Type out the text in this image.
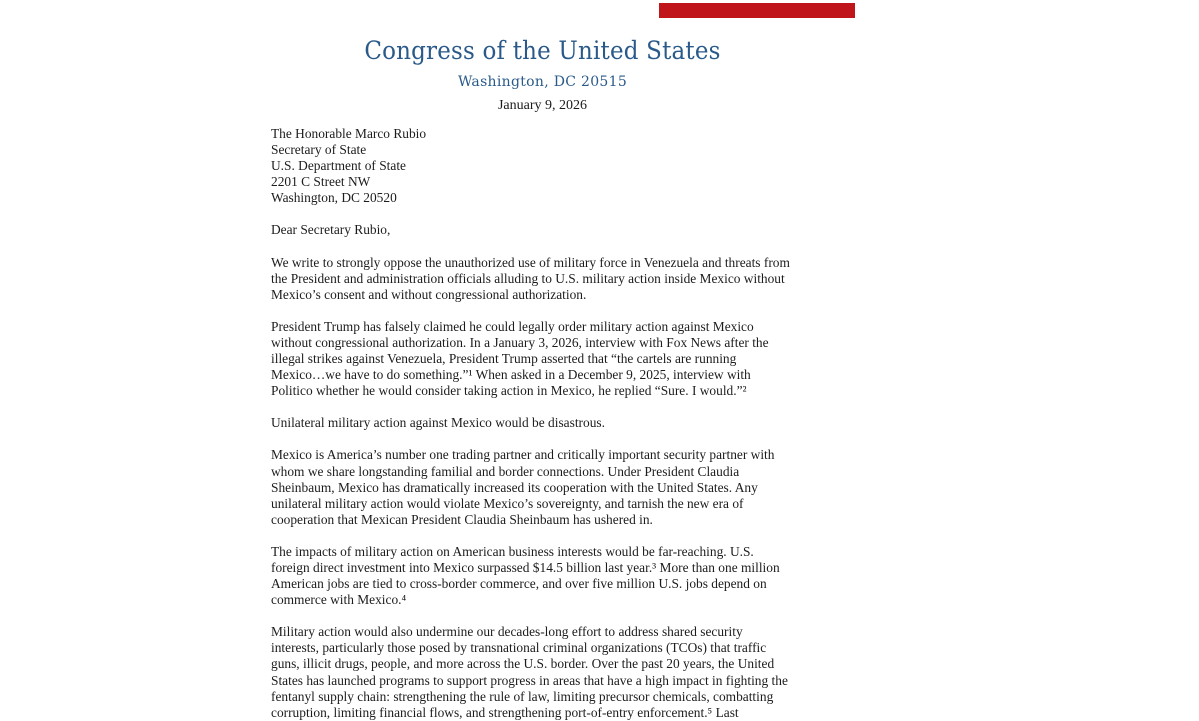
Congress of the United States
Washington, DC 20515
January 9, 2026
The Honorable Marco Rubio
Secretary of State
U.S. Department of State
2201 C Street NW
Washington, DC 20520
Dear Secretary Rubio,
We write to strongly oppose the unauthorized use of military force in Venezuela and threats from
the President and administration officials alluding to U.S. military action inside Mexico without
Mexico’s consent and without congressional authorization.
President Trump has falsely claimed he could legally order military action against Mexico
without congressional authorization. In a January 3, 2026, interview with Fox News after the
illegal strikes against Venezuela, President Trump asserted that “the cartels are running
Mexico…we have to do something.”¹ When asked in a December 9, 2025, interview with
Politico whether he would consider taking action in Mexico, he replied “Sure. I would.”²
Unilateral military action against Mexico would be disastrous.
Mexico is America’s number one trading partner and critically important security partner with
whom we share longstanding familial and border connections. Under President Claudia
Sheinbaum, Mexico has dramatically increased its cooperation with the United States. Any
unilateral military action would violate Mexico’s sovereignty, and tarnish the new era of
cooperation that Mexican President Claudia Sheinbaum has ushered in.
The impacts of military action on American business interests would be far-reaching. U.S.
foreign direct investment into Mexico surpassed $14.5 billion last year.³ More than one million
American jobs are tied to cross-border commerce, and over five million U.S. jobs depend on
commerce with Mexico.⁴
Military action would also undermine our decades-long effort to address shared security
interests, particularly those posed by transnational criminal organizations (TCOs) that traffic
guns, illicit drugs, people, and more across the U.S. border. Over the past 20 years, the United
States has launched programs to support progress in areas that have a high impact in fighting the
fentanyl supply chain: strengthening the rule of law, limiting precursor chemicals, combatting
corruption, limiting financial flows, and strengthening port-of-entry enforcement.⁵ Last
